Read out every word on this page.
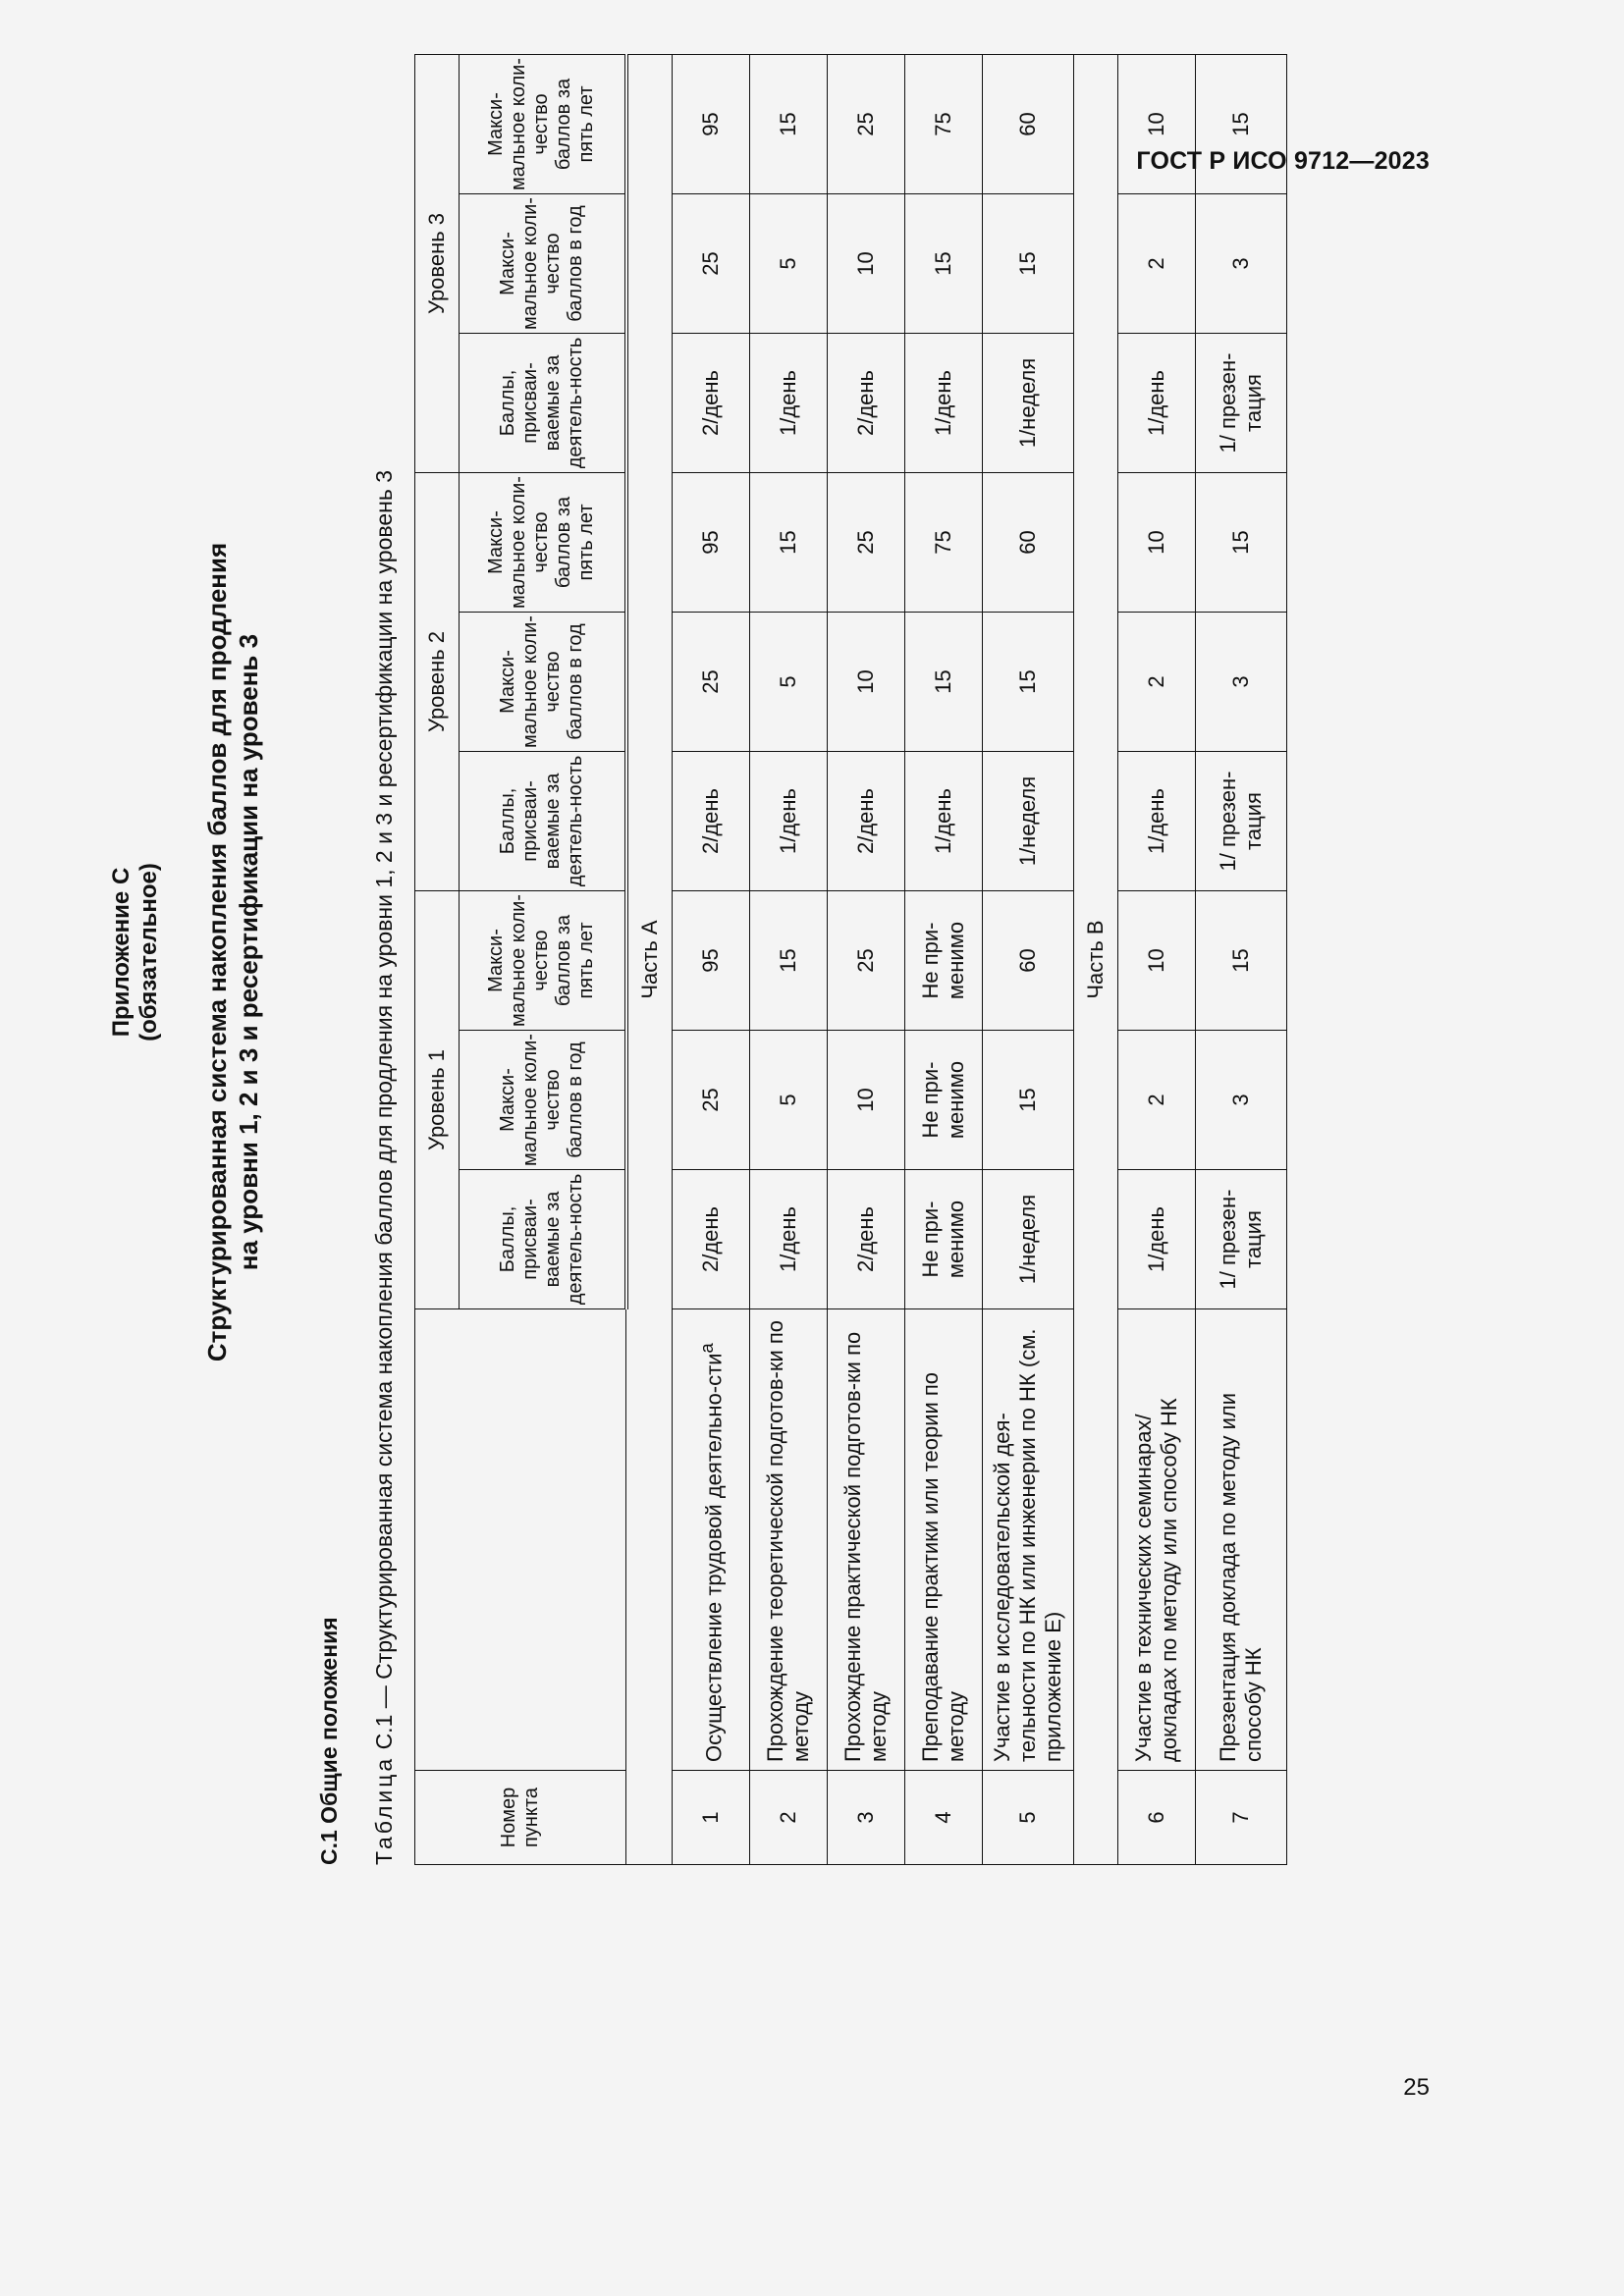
ГОСТ Р ИСО 9712—2023
Приложение С (обязательное) Структурированная система накопления баллов для продления на уровни 1, 2 и 3 и ресертификации на уровень 3
С.1 Общие положения Таблица С.1 — Структурированная система накопления баллов для продления на уровни 1, 2 и 3 и ресертификации на уровень 3
Номер пункта		Уровень 1			Уровень 2			Уровень 3		
		Баллы, присваи-ваемые за деятель-ность	Макси-мальное коли-чество баллов в год	Макси-мальное коли-чество баллов за пять лет	Баллы, присваи-ваемые за деятель-ность	Макси-мальное коли-чество баллов в год	Макси-мальное коли-чество баллов за пять лет	Баллы, присваи-ваемые за деятель-ность	Макси-мальное коли-чество баллов в год	Макси-мальное коли-чество баллов за пять лет
Часть А										
1	Осуществление трудовой деятельно-сти$^a$	2/день	25	95	2/день	25	95	2/день	25	95
2	Прохождение теоретической подготов-ки по методу	1/день	5	15	1/день	5	15	1/день	5	15
3	Прохождение практической подготов-ки по методу	2/день	10	25	2/день	10	25	2/день	10	25
4	Преподавание практики или теории по методу	Не при-менимо	Не при-менимо	Не при-менимо	1/день	15	75	1/день	15	75
5	Участие в исследовательской дея-тельности по НК или инженерии по НК (см. приложение Е)	1/неделя	15	60	1/неделя	15	60	1/неделя	15	60
Часть В										
6	Участие в технических семинарах/ докладах по методу или способу НК	1/день	2	10	1/день	2	10	1/день	2	10
7	Презентация доклада по методу или способу НК	1/ презен-тация	3	15	1/ презен-тация	3	15	1/ презен-тация	3	15
25
